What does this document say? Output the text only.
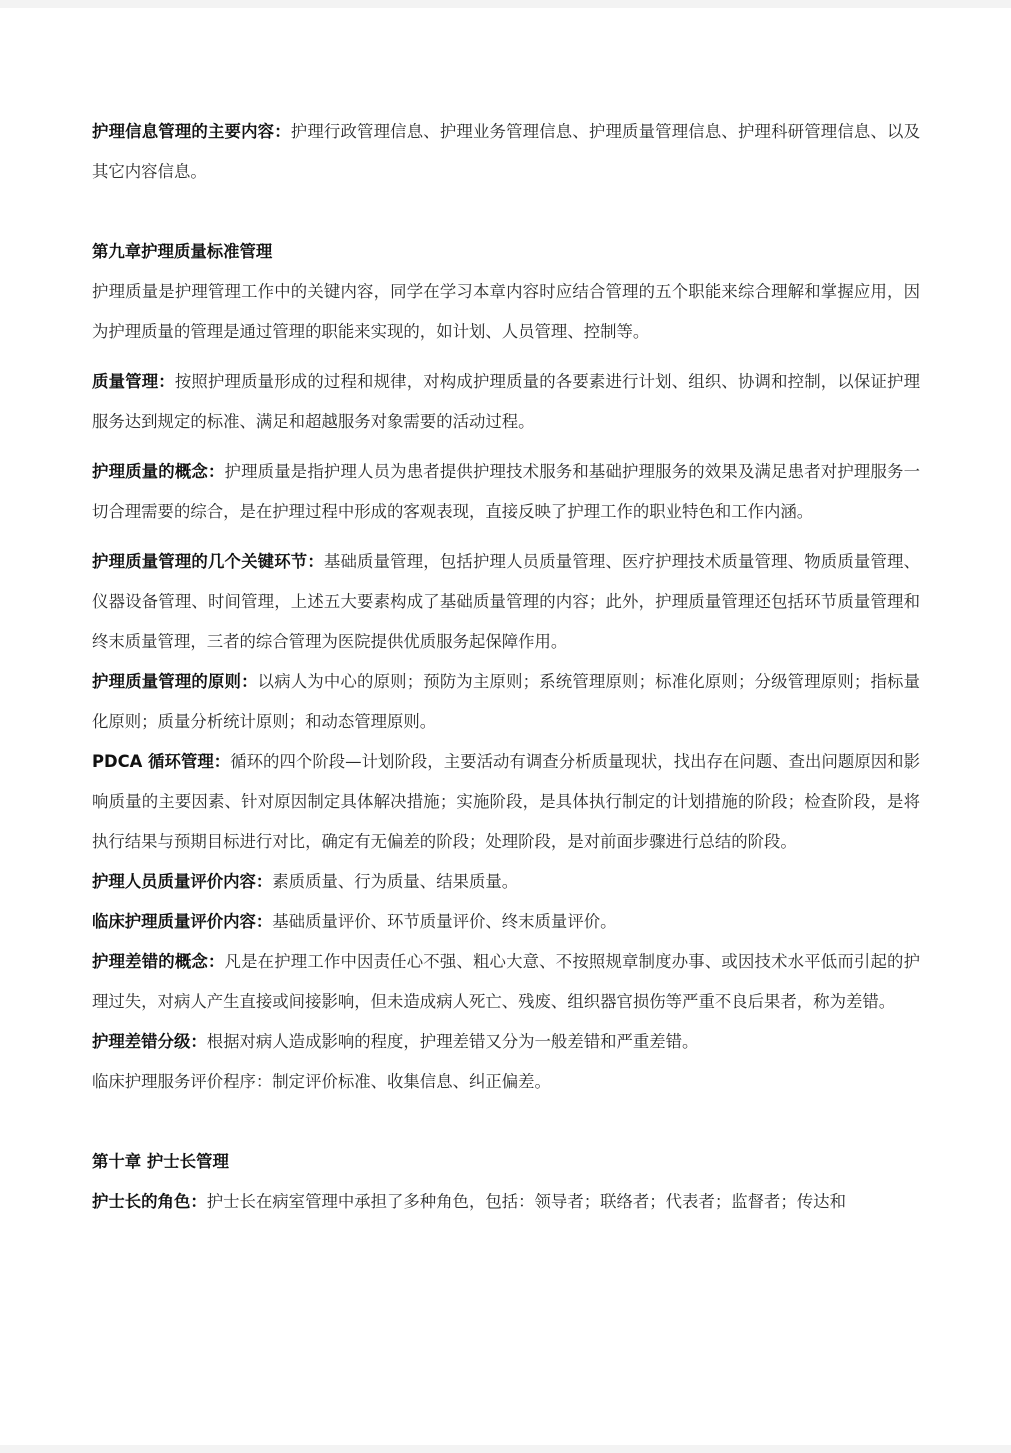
护理信息管理的主要内容：护理行政管理信息、护理业务管理信息、护理质量管理信息、护理科研管理信息、以及其它内容信息。

第九章护理质量标准管理

护理质量是护理管理工作中的关键内容，同学在学习本章内容时应结合管理的五个职能来综合理解和掌握应用，因为护理质量的管理是通过管理的职能来实现的，如计划、人员管理、控制等。

质量管理：按照护理质量形成的过程和规律，对构成护理质量的各要素进行计划、组织、协调和控制，以保证护理服务达到规定的标准、满足和超越服务对象需要的活动过程。

护理质量的概念：护理质量是指护理人员为患者提供护理技术服务和基础护理服务的效果及满足患者对护理服务一切合理需要的综合，是在护理过程中形成的客观表现，直接反映了护理工作的职业特色和工作内涵。

护理质量管理的几个关键环节：基础质量管理，包括护理人员质量管理、医疗护理技术质量管理、物质质量管理、仪器设备管理、时间管理，上述五大要素构成了基础质量管理的内容；此外，护理质量管理还包括环节质量管理和终末质量管理，三者的综合管理为医院提供优质服务起保障作用。

护理质量管理的原则：以病人为中心的原则；预防为主原则；系统管理原则；标准化原则；分级管理原则；指标量化原则；质量分析统计原则；和动态管理原则。

PDCA 循环管理：循环的四个阶段—计划阶段，主要活动有调查分析质量现状，找出存在问题、查出问题原因和影响质量的主要因素、针对原因制定具体解决措施；实施阶段，是具体执行制定的计划措施的阶段；检查阶段，是将执行结果与预期目标进行对比，确定有无偏差的阶段；处理阶段，是对前面步骤进行总结的阶段。

护理人员质量评价内容：素质质量、行为质量、结果质量。

临床护理质量评价内容：基础质量评价、环节质量评价、终末质量评价。

护理差错的概念：凡是在护理工作中因责任心不强、粗心大意、不按照规章制度办事、或因技术水平低而引起的护理过失，对病人产生直接或间接影响，但未造成病人死亡、残废、组织器官损伤等严重不良后果者，称为差错。

护理差错分级：根据对病人造成影响的程度，护理差错又分为一般差错和严重差错。

临床护理服务评价程序：制定评价标准、收集信息、纠正偏差。

第十章 护士长管理

护士长的角色：护士长在病室管理中承担了多种角色，包括：领导者；联络者；代表者；监督者；传达和
